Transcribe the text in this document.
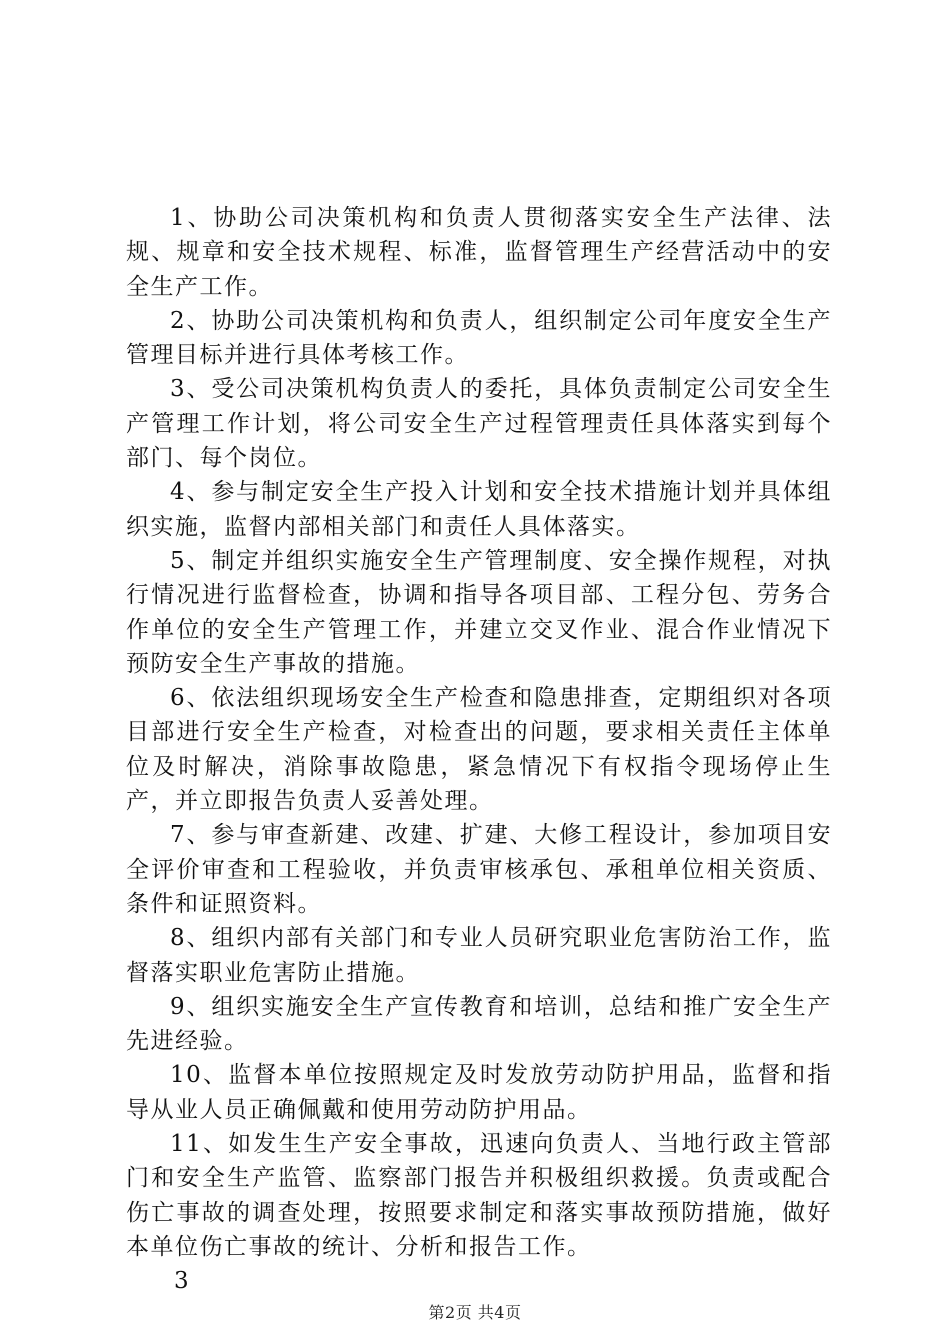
1、协助公司决策机构和负责人贯彻落实安全生产法律、法规、规章和安全技术规程、标准，监督管理生产经营活动中的安全生产工作。

2、协助公司决策机构和负责人，组织制定公司年度安全生产管理目标并进行具体考核工作。

3、受公司决策机构负责人的委托，具体负责制定公司安全生产管理工作计划，将公司安全生产过程管理责任具体落实到每个部门、每个岗位。

4、参与制定安全生产投入计划和安全技术措施计划并具体组织实施，监督内部相关部门和责任人具体落实。

5、制定并组织实施安全生产管理制度、安全操作规程，对执行情况进行监督检查，协调和指导各项目部、工程分包、劳务合作单位的安全生产管理工作，并建立交叉作业、混合作业情况下预防安全生产事故的措施。

6、依法组织现场安全生产检查和隐患排查，定期组织对各项目部进行安全生产检查，对检查出的问题，要求相关责任主体单位及时解决，消除事故隐患，紧急情况下有权指令现场停止生产，并立即报告负责人妥善处理。

7、参与审查新建、改建、扩建、大修工程设计，参加项目安全评价审查和工程验收，并负责审核承包、承租单位相关资质、条件和证照资料。

8、组织内部有关部门和专业人员研究职业危害防治工作，监督落实职业危害防止措施。

9、组织实施安全生产宣传教育和培训，总结和推广安全生产先进经验。

10、监督本单位按照规定及时发放劳动防护用品，监督和指导从业人员正确佩戴和使用劳动防护用品。

11、如发生生产安全事故，迅速向负责人、当地行政主管部门和安全生产监管、监察部门报告并积极组织救援。负责或配合伤亡事故的调查处理，按照要求制定和落实事故预防措施，做好本单位伤亡事故的统计、分析和报告工作。

3

第2页 共4页
